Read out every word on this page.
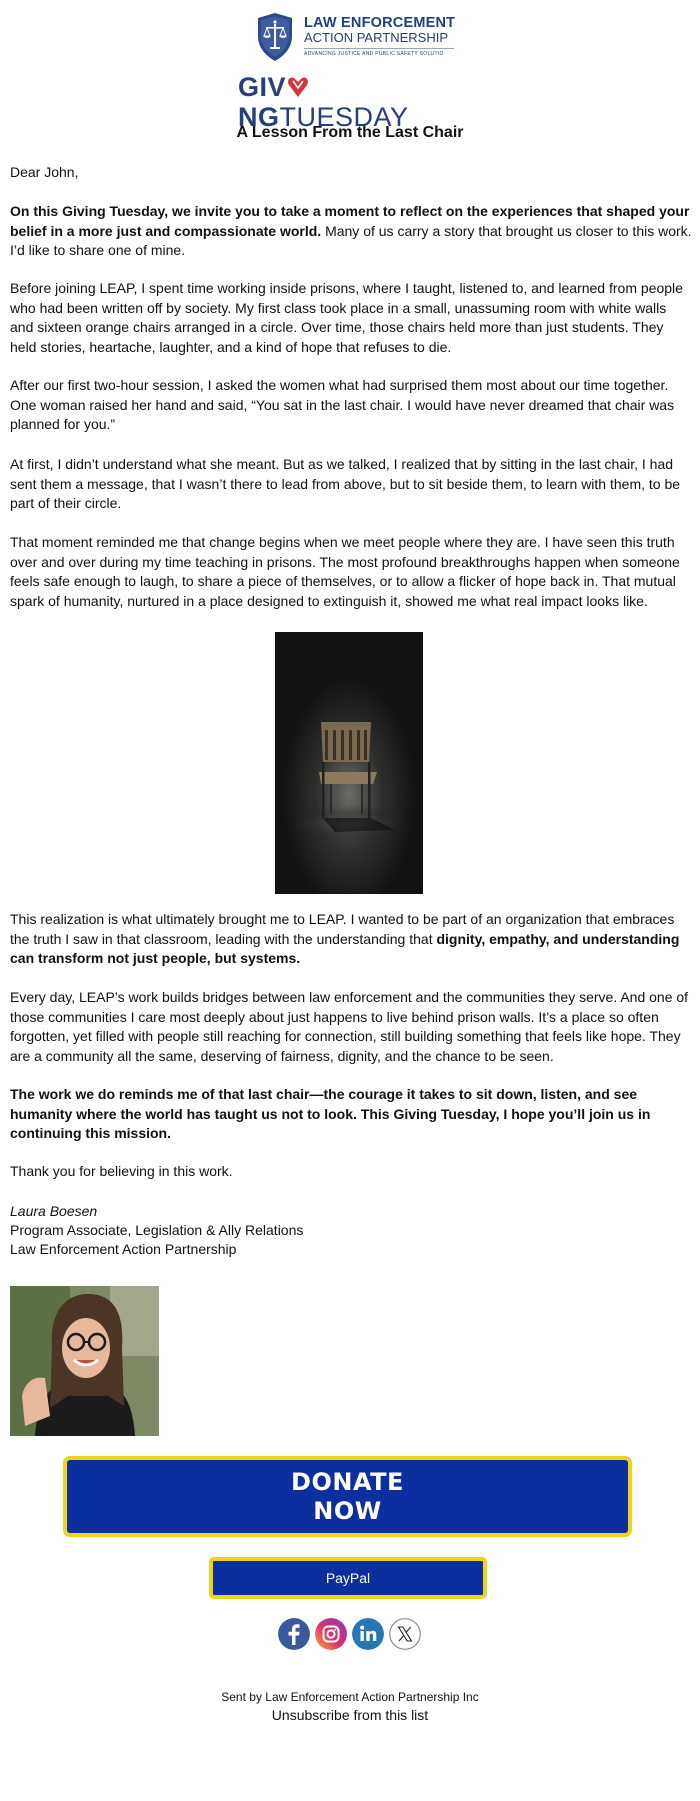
LAW ENFORCEMENT
ACTION PARTNERSHIP
ADVANCING JUSTICE AND PUBLIC SAFETY SOLUTIO
GIVNGTUESDAY
A Lesson From the Last Chair

Dear John,

On this Giving Tuesday, we invite you to take a moment to reflect on the experiences that shaped your belief in a more just and compassionate world. Many of us carry a story that brought us closer to this work. I’d like to share one of mine.

Before joining LEAP, I spent time working inside prisons, where I taught, listened to, and learned from people who had been written off by society. My first class took place in a small, unassuming room with white walls and sixteen orange chairs arranged in a circle. Over time, those chairs held more than just students. They held stories, heartache, laughter, and a kind of hope that refuses to die.

After our first two-hour session, I asked the women what had surprised them most about our time together. One woman raised her hand and said, “You sat in the last chair. I would have never dreamed that chair was planned for you.”

At first, I didn’t understand what she meant. But as we talked, I realized that by sitting in the last chair, I had sent them a message, that I wasn’t there to lead from above, but to sit beside them, to learn with them, to be part of their circle.

That moment reminded me that change begins when we meet people where they are. I have seen this truth over and over during my time teaching in prisons. The most profound breakthroughs happen when someone feels safe enough to laugh, to share a piece of themselves, or to allow a flicker of hope back in. That mutual spark of humanity, nurtured in a place designed to extinguish it, showed me what real impact looks like.

This realization is what ultimately brought me to LEAP. I wanted to be part of an organization that embraces the truth I saw in that classroom, leading with the understanding that dignity, empathy, and understanding can transform not just people, but systems.

Every day, LEAP’s work builds bridges between law enforcement and the communities they serve. And one of those communities I care most deeply about just happens to live behind prison walls. It’s a place so often forgotten, yet filled with people still reaching for connection, still building something that feels like hope. They are a community all the same, deserving of fairness, dignity, and the chance to be seen.

The work we do reminds me of that last chair—the courage it takes to sit down, listen, and see humanity where the world has taught us not to look. This Giving Tuesday, I hope you’ll join us in continuing this mission.

Thank you for believing in this work.

Laura Boesen

Program Associate, Legislation & Ally Relations

Law Enforcement Action Partnership

DONATE
NOW
PayPal
Sent by Law Enforcement Action Partnership Inc
Unsubscribe from this list
